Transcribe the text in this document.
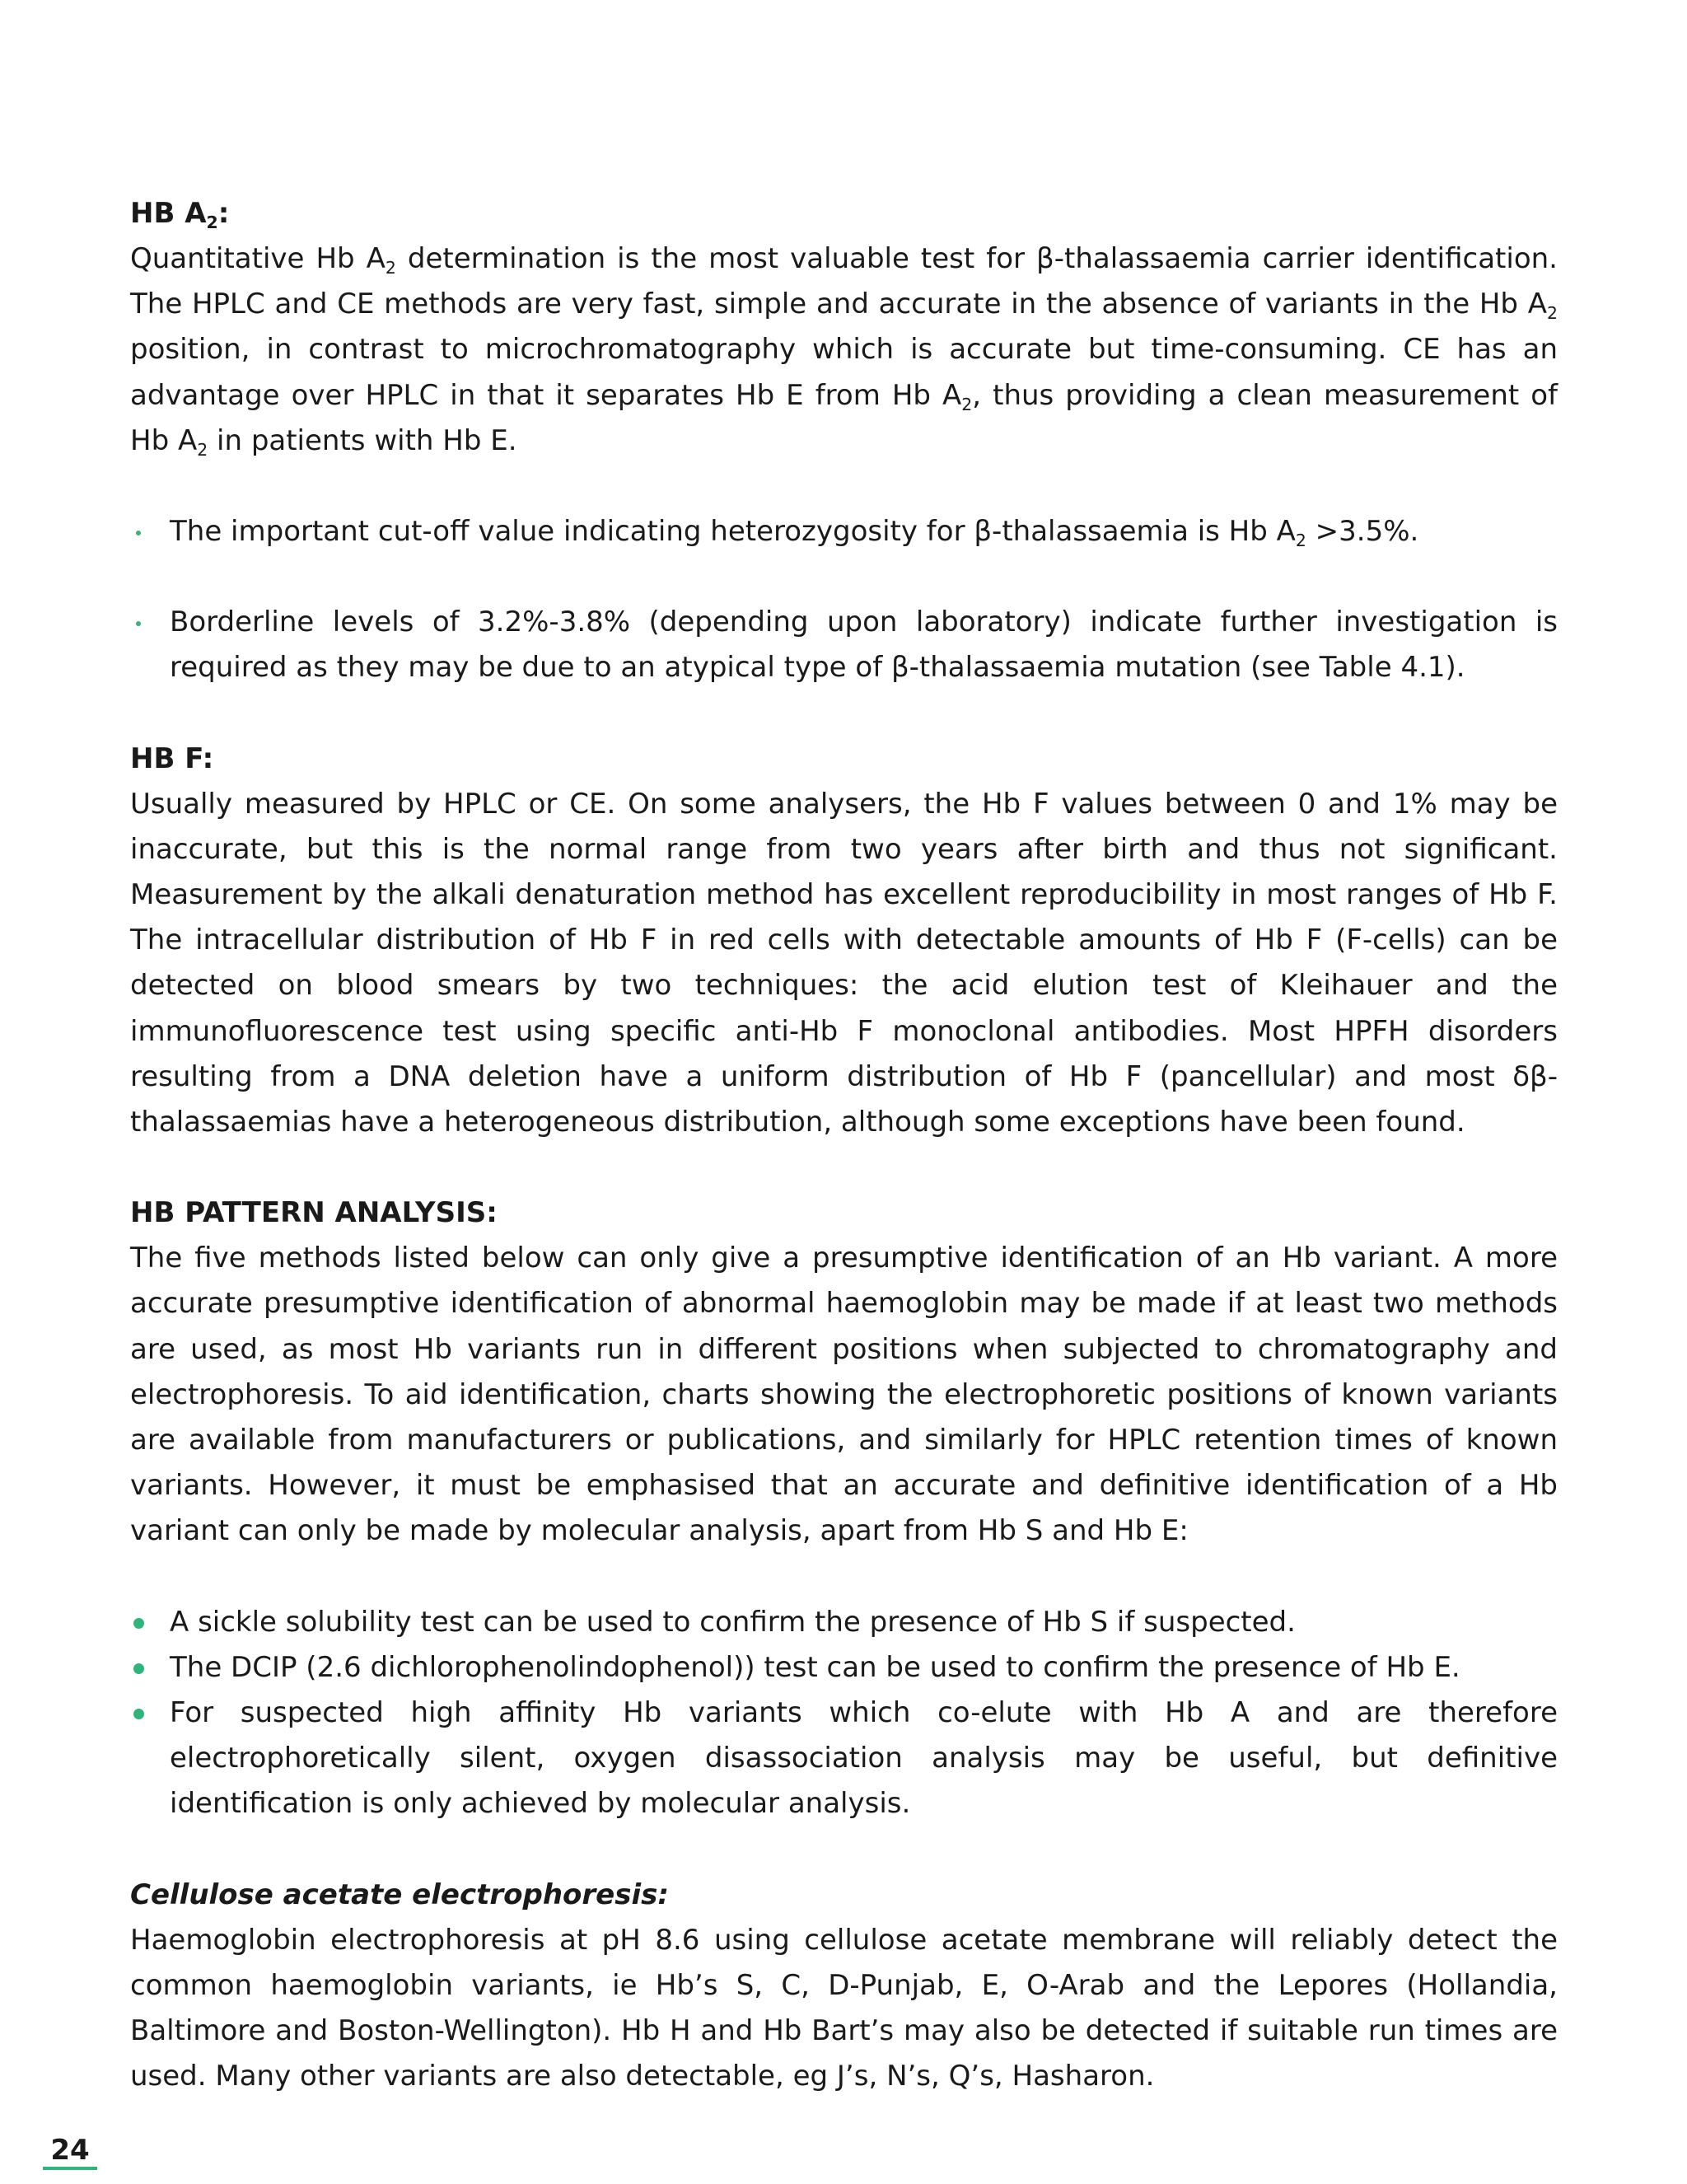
HB $A_2$:

Quantitative Hb $A_2$ determination is the most valuable test for β-thalassaemia carrier identification. The HPLC and CE methods are very fast, simple and accurate in the absence of variants in the Hb $A_2$ position, in contrast to microchromatography which is accurate but time-consuming. CE has an advantage over HPLC in that it separates Hb E from Hb $A_2$, thus providing a clean measurement of Hb $A_2$ in patients with Hb E.

The important cut-off value indicating heterozygosity for β-thalassaemia is Hb $A_2 >3.5\%$.
Borderline levels of 3.2%-3.8% (depending upon laboratory) indicate further investigation is required as they may be due to an atypical type of β-thalassaemia mutation (see Table 4.1).

HB F:

Usually measured by HPLC or CE. On some analysers, the Hb F values between 0 and 1% may be inaccurate, but this is the normal range from two years after birth and thus not significant. Measurement by the alkali denaturation method has excellent reproducibility in most ranges of Hb F. The intracellular distribution of Hb F in red cells with detectable amounts of Hb F (F-cells) can be detected on blood smears by two techniques: the acid elution test of Kleihauer and the immunofluorescence test using specific anti-Hb F monoclonal antibodies. Most HPFH disorders resulting from a DNA deletion have a uniform distribution of Hb F (pancellular) and most δβ-thalassaemias have a heterogeneous distribution, although some exceptions have been found.

HB PATTERN ANALYSIS:

The five methods listed below can only give a presumptive identification of an Hb variant. A more accurate presumptive identification of abnormal haemoglobin may be made if at least two methods are used, as most Hb variants run in different positions when subjected to chromatography and electrophoresis. To aid identification, charts showing the electrophoretic positions of known variants are available from manufacturers or publications, and similarly for HPLC retention times of known variants. However, it must be emphasised that an accurate and definitive identification of a Hb variant can only be made by molecular analysis, apart from Hb S and Hb E:

A sickle solubility test can be used to confirm the presence of Hb S if suspected.
The DCIP (2.6 dichlorophenolindophenol)) test can be used to confirm the presence of Hb E.
For suspected high affinity Hb variants which co-elute with Hb A and are therefore electrophoretically silent, oxygen disassociation analysis may be useful, but definitive identification is only achieved by molecular analysis.

Cellulose acetate electrophoresis:

Haemoglobin electrophoresis at pH 8.6 using cellulose acetate membrane will reliably detect the common haemoglobin variants, ie Hb’s S, C, D-Punjab, E, O-Arab and the Lepores (Hollandia, Baltimore and Boston-Wellington). Hb H and Hb Bart’s may also be detected if suitable run times are used. Many other variants are also detectable, eg J’s, N’s, Q’s, Hasharon.

24
